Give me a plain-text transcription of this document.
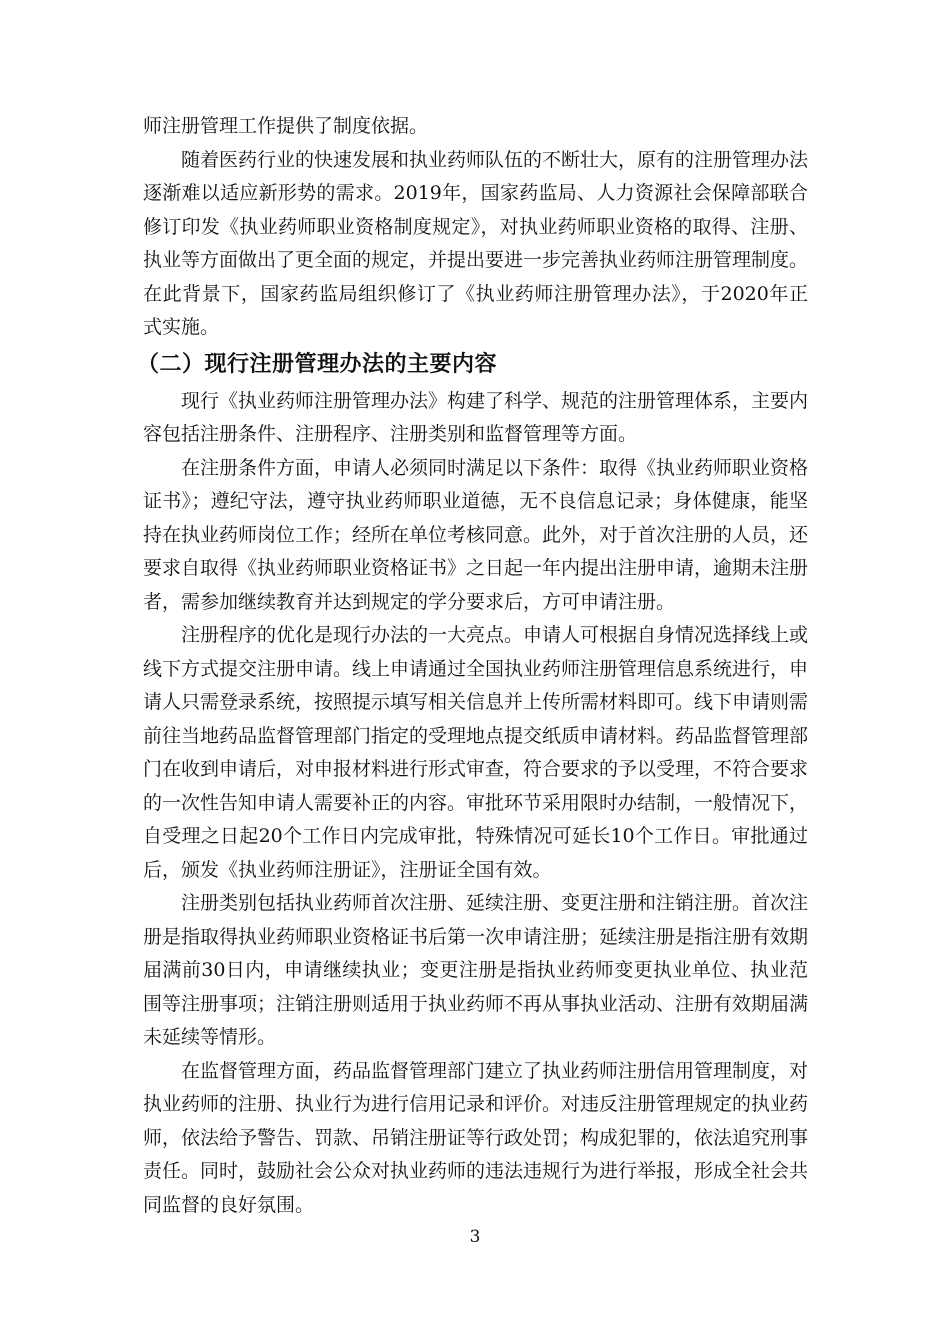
师注册管理工作提供了制度依据。

随着医药行业的快速发展和执业药师队伍的不断壮大，原有的注册管理办法逐渐难以适应新形势的需求。2019年，国家药监局、人力资源社会保障部联合修订印发《执业药师职业资格制度规定》，对执业药师职业资格的取得、注册、执业等方面做出了更全面的规定，并提出要进一步完善执业药师注册管理制度。在此背景下，国家药监局组织修订了《执业药师注册管理办法》，于2020年正式实施。

（二）现行注册管理办法的主要内容

现行《执业药师注册管理办法》构建了科学、规范的注册管理体系，主要内容包括注册条件、注册程序、注册类别和监督管理等方面。

在注册条件方面，申请人必须同时满足以下条件：取得《执业药师职业资格证书》；遵纪守法，遵守执业药师职业道德，无不良信息记录；身体健康，能坚持在执业药师岗位工作；经所在单位考核同意。此外，对于首次注册的人员，还要求自取得《执业药师职业资格证书》之日起一年内提出注册申请，逾期未注册者，需参加继续教育并达到规定的学分要求后，方可申请注册。

注册程序的优化是现行办法的一大亮点。申请人可根据自身情况选择线上或线下方式提交注册申请。线上申请通过全国执业药师注册管理信息系统进行，申请人只需登录系统，按照提示填写相关信息并上传所需材料即可。线下申请则需前往当地药品监督管理部门指定的受理地点提交纸质申请材料。药品监督管理部门在收到申请后，对申报材料进行形式审查，符合要求的予以受理，不符合要求的一次性告知申请人需要补正的内容。审批环节采用限时办结制，一般情况下，自受理之日起20个工作日内完成审批，特殊情况可延长10个工作日。审批通过后，颁发《执业药师注册证》，注册证全国有效。

注册类别包括执业药师首次注册、延续注册、变更注册和注销注册。首次注册是指取得执业药师职业资格证书后第一次申请注册；延续注册是指注册有效期届满前30日内，申请继续执业；变更注册是指执业药师变更执业单位、执业范围等注册事项；注销注册则适用于执业药师不再从事执业活动、注册有效期届满未延续等情形。

在监督管理方面，药品监督管理部门建立了执业药师注册信用管理制度，对执业药师的注册、执业行为进行信用记录和评价。对违反注册管理规定的执业药师，依法给予警告、罚款、吊销注册证等行政处罚；构成犯罪的，依法追究刑事责任。同时，鼓励社会公众对执业药师的违法违规行为进行举报，形成全社会共同监督的良好氛围。

3
